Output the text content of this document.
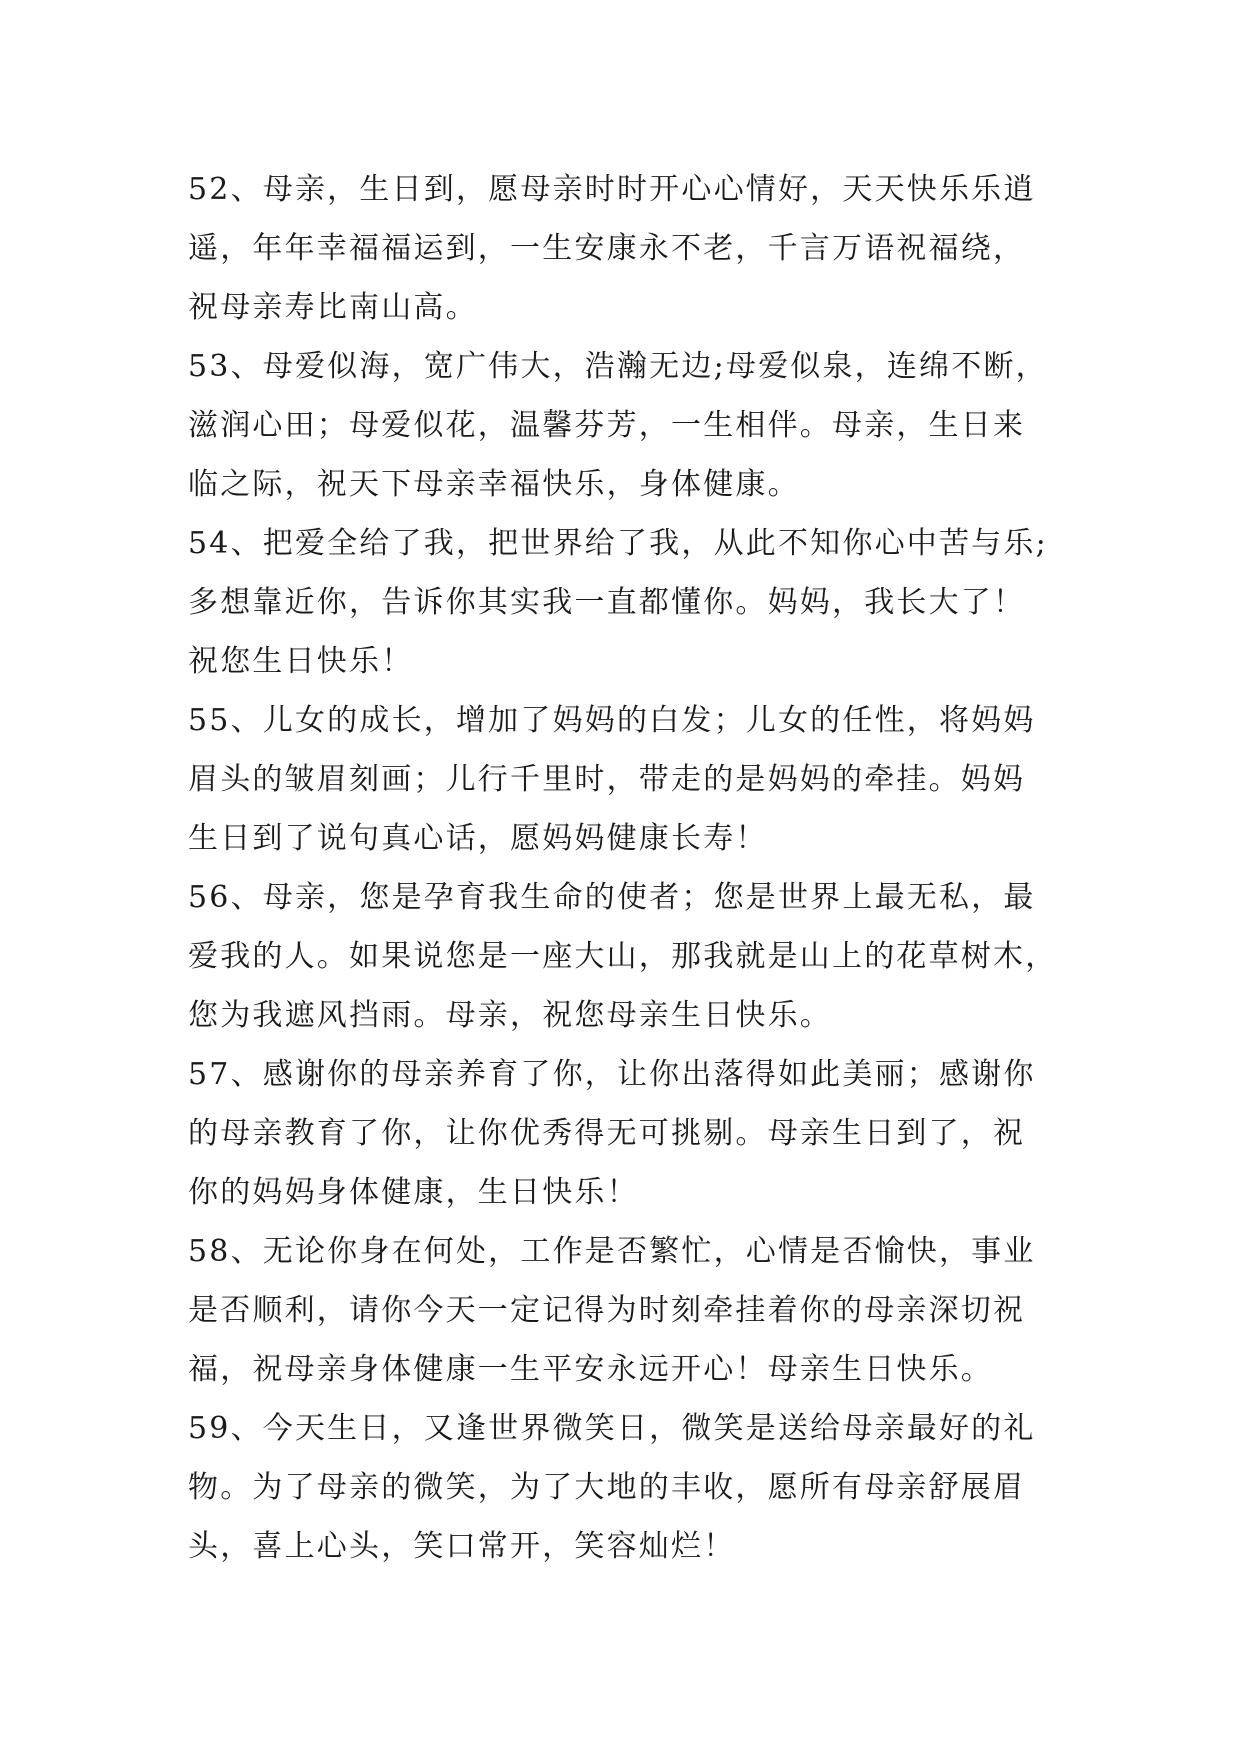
52、母亲，生日到，愿母亲时时开心心情好，天天快乐乐逍
遥，年年幸福福运到，一生安康永不老，千言万语祝福绕，
祝母亲寿比南山高。
53、母爱似海，宽广伟大，浩瀚无边;母爱似泉，连绵不断，
滋润心田；母爱似花，温馨芬芳，一生相伴。母亲，生日来
临之际，祝天下母亲幸福快乐，身体健康。
54、把爱全给了我，把世界给了我，从此不知你心中苦与乐;
多想靠近你，告诉你其实我一直都懂你。妈妈，我长大了！
祝您生日快乐！
55、儿女的成长，增加了妈妈的白发；儿女的任性，将妈妈
眉头的皱眉刻画；儿行千里时，带走的是妈妈的牵挂。妈妈
生日到了说句真心话，愿妈妈健康长寿！
56、母亲，您是孕育我生命的使者；您是世界上最无私，最
爱我的人。如果说您是一座大山，那我就是山上的花草树木，
您为我遮风挡雨。母亲，祝您母亲生日快乐。
57、感谢你的母亲养育了你，让你出落得如此美丽；感谢你
的母亲教育了你，让你优秀得无可挑剔。母亲生日到了，祝
你的妈妈身体健康，生日快乐！
58、无论你身在何处，工作是否繁忙，心情是否愉快，事业
是否顺利，请你今天一定记得为时刻牵挂着你的母亲深切祝
福，祝母亲身体健康一生平安永远开心！母亲生日快乐。
59、今天生日，又逢世界微笑日，微笑是送给母亲最好的礼
物。为了母亲的微笑，为了大地的丰收，愿所有母亲舒展眉
头，喜上心头，笑口常开，笑容灿烂！
